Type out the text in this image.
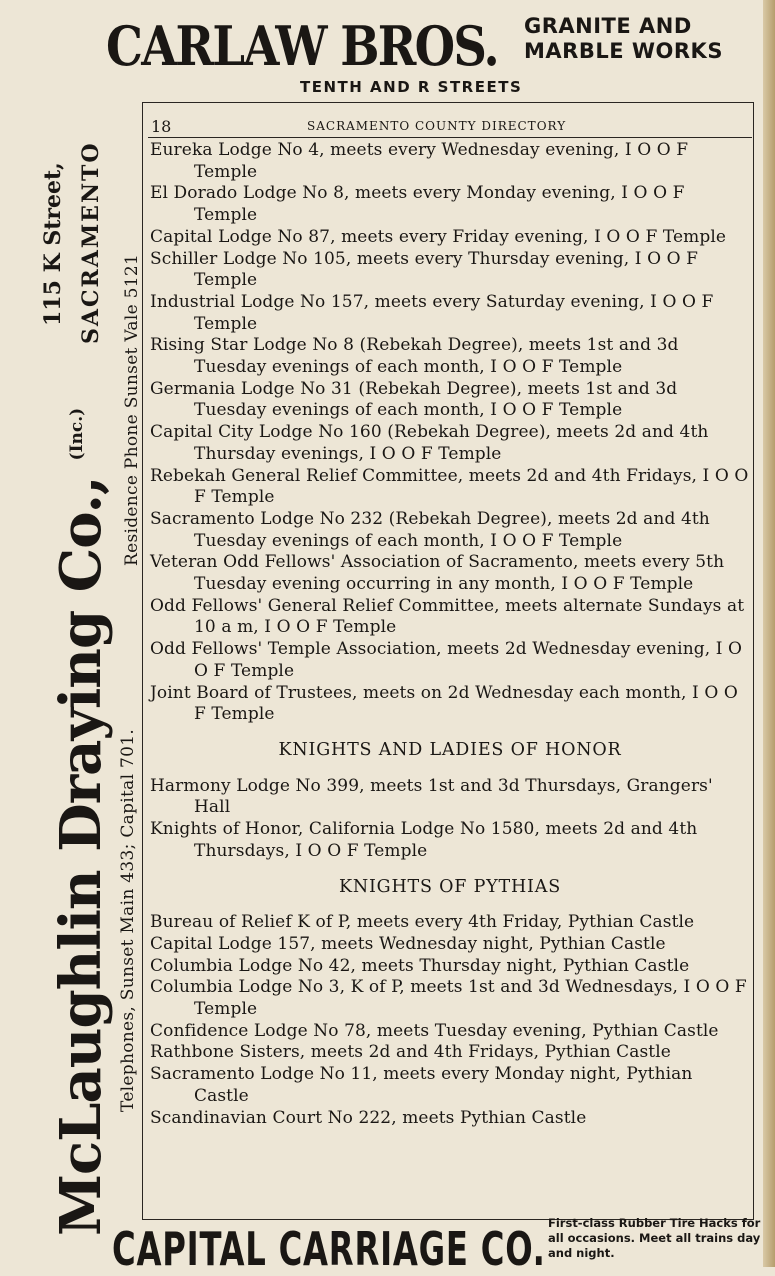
CARLAW BROS. GRANITE AND
MARBLE WORKS
TENTH AND R STREETS
McLaughlin Draying Co.,$^{(Inc.)}$
Telephones, Sunset Main 433; Capital 701.
Residence Phone Sunset Vale 5121
115 K Street, SACRAMENTO
18	SACRAMENTO COUNTY DIRECTORY
Eureka Lodge No 4, meets every Wednesday evening, I O O F Temple
El Dorado Lodge No 8, meets every Monday evening, I O O F Temple
Capital Lodge No 87, meets every Friday evening, I O O F Temple
Schiller Lodge No 105, meets every Thursday evening, I O O F Temple
Industrial Lodge No 157, meets every Saturday evening, I O O F Temple
Rising Star Lodge No 8 (Rebekah Degree), meets 1st and 3d Tuesday evenings of each month, I O O F Temple
Germania Lodge No 31 (Rebekah Degree), meets 1st and 3d Tuesday evenings of each month, I O O F Temple
Capital City Lodge No 160 (Rebekah Degree), meets 2d and 4th Thursday evenings, I O O F Temple
Rebekah General Relief Committee, meets 2d and 4th Fridays, I O O F Temple
Sacramento Lodge No 232 (Rebekah Degree), meets 2d and 4th Tuesday evenings of each month, I O O F Temple
Veteran Odd Fellows' Association of Sacramento, meets every 5th Tuesday evening occurring in any month, I O O F Temple
Odd Fellows' General Relief Committee, meets alternate Sundays at 10 a m, I O O F Temple
Odd Fellows' Temple Association, meets 2d Wednesday evening, I O O F Temple
Joint Board of Trustees, meets on 2d Wednesday each month, I O O F Temple
KNIGHTS AND LADIES OF HONOR
Harmony Lodge No 399, meets 1st and 3d Thursdays, Grangers' Hall
Knights of Honor, California Lodge No 1580, meets 2d and 4th Thursdays, I O O F Temple
KNIGHTS OF PYTHIAS
Bureau of Relief K of P, meets every 4th Friday, Pythian Castle
Capital Lodge 157, meets Wednesday night, Pythian Castle
Columbia Lodge No 42, meets Thursday night, Pythian Castle
Columbia Lodge No 3, K of P, meets 1st and 3d Wednesdays, I O O F Temple
Confidence Lodge No 78, meets Tuesday evening, Pythian Castle
Rathbone Sisters, meets 2d and 4th Fridays, Pythian Castle
Sacramento Lodge No 11, meets every Monday night, Pythian Castle
Scandinavian Court No 222, meets Pythian Castle
CAPITAL CARRIAGE CO. First-class Rubber Tire Hacks for all occasions. Meet all trains day and night.
